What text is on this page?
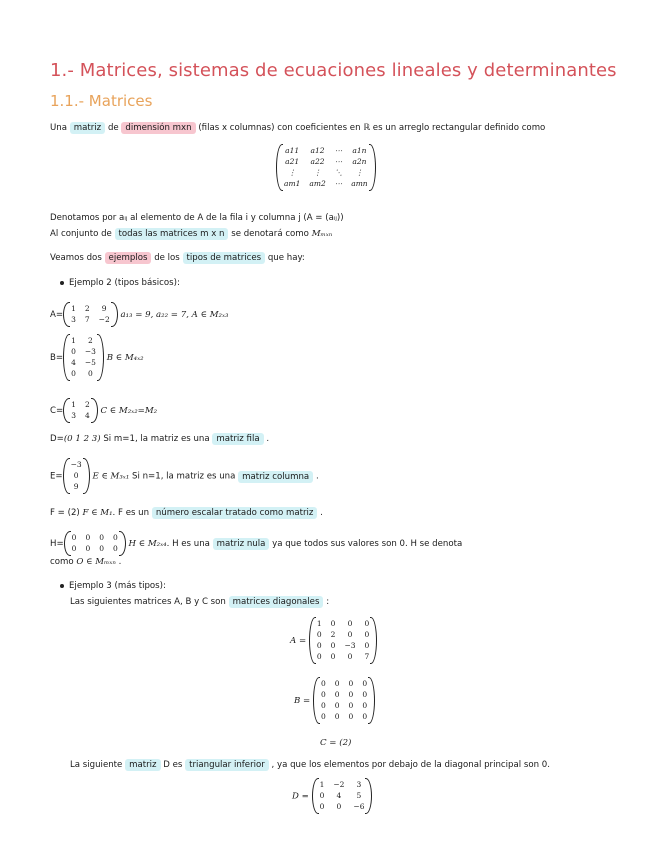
1.- Matrices, sistemas de ecuaciones lineales y determinantes
1.1.- Matrices
Una matriz de dimensión mxn (filas x columnas) con coeficientes en ℝ es un arreglo rectangular definido como
a11 a12 ⋯ a1n
a21 a22 ⋯ a2n
⋮	⋮	⋱	⋮
am1 am2 ⋯ amn
Denotamos por aᵢⱼ al elemento de A de la fila i y columna j (A = (aᵢⱼ))
Al conjunto de todas las matrices m x n se denotará como Mₘₓₙ
Veamos dos ejemplos de los tipos de matrices que hay:
Ejemplo 2 (tipos básicos):
A=
1 2	9
3 7 −2 a₁₃ = 9, a₂₂ = 7, A ∈ M₂ₓ₃
B=
1	2
0 −3
4 −5
0	0
B ∈ M₄ₓ₂
C=
1 2
3 4 C ∈ M₂ₓ₂=M₂
D=(0 1 2 3) Si m=1, la matriz es una matriz fila .
E=
−3
0
9
E ∈ M₃ₓ₁ Si n=1, la matriz es una matriz columna .
F = (2) F ∈ M₁. F es un número escalar tratado como matriz .
H=
0 0 0 0
0 0 0 0 H ∈ M₂ₓ₄. H es una matriz nula ya que todos sus valores son 0. H se denota
como O ∈ Mₘₓₙ .
Ejemplo 3 (más tipos):
Las siguientes matrices A, B y C son matrices diagonales :
A =
1 0	0	0
0 2	0	0
0 0 −3 0
0 0	0	7
B =
0 0 0 0
0 0 0 0
0 0 0 0
0 0 0 0
C = (2)
La siguiente matriz D es triangular inferior , ya que los elementos por debajo de la diagonal principal son 0.
D =
1 −2	3
0	4	5
0	0	−6
